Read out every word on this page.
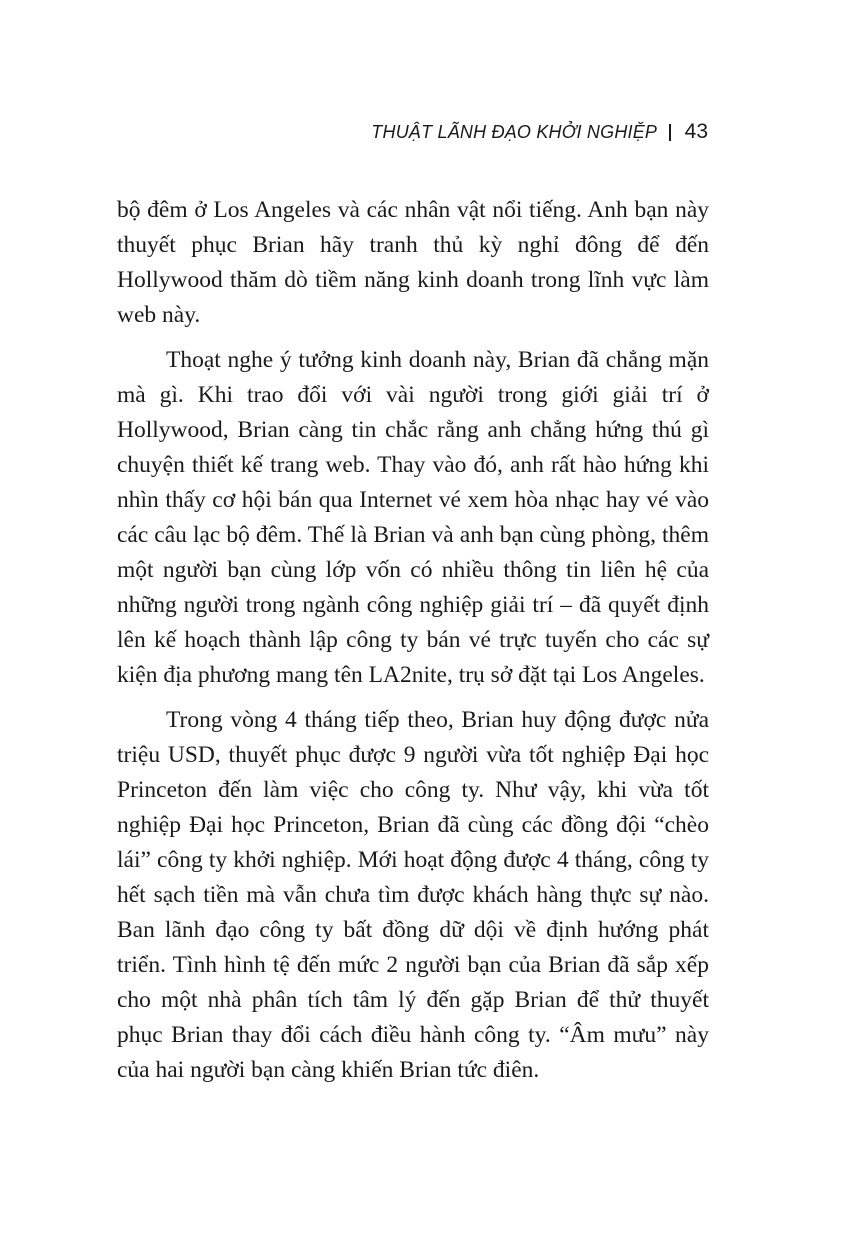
THUẬT LÃNH ĐẠO KHỞI NGHIỆP 43

bộ đêm ở Los Angeles và các nhân vật nổi tiếng. Anh bạn này thuyết phục Brian hãy tranh thủ kỳ nghỉ đông để đến Hollywood thăm dò tiềm năng kinh doanh trong lĩnh vực làm web này.

Thoạt nghe ý tưởng kinh doanh này, Brian đã chẳng mặn mà gì. Khi trao đổi với vài người trong giới giải trí ở Hollywood, Brian càng tin chắc rằng anh chẳng hứng thú gì chuyện thiết kế trang web. Thay vào đó, anh rất hào hứng khi nhìn thấy cơ hội bán qua Internet vé xem hòa nhạc hay vé vào các câu lạc bộ đêm. Thế là Brian và anh bạn cùng phòng, thêm một người bạn cùng lớp vốn có nhiều thông tin liên hệ của những người trong ngành công nghiệp giải trí – đã quyết định lên kế hoạch thành lập công ty bán vé trực tuyến cho các sự kiện địa phương mang tên LA2nite, trụ sở đặt tại Los Angeles.

Trong vòng 4 tháng tiếp theo, Brian huy động được nửa triệu USD, thuyết phục được 9 người vừa tốt nghiệp Đại học Princeton đến làm việc cho công ty. Như vậy, khi vừa tốt nghiệp Đại học Princeton, Brian đã cùng các đồng đội “chèo lái” công ty khởi nghiệp. Mới hoạt động được 4 tháng, công ty hết sạch tiền mà vẫn chưa tìm được khách hàng thực sự nào. Ban lãnh đạo công ty bất đồng dữ dội về định hướng phát triển. Tình hình tệ đến mức 2 người bạn của Brian đã sắp xếp cho một nhà phân tích tâm lý đến gặp Brian để thử thuyết phục Brian thay đổi cách điều hành công ty. “Âm mưu” này của hai người bạn càng khiến Brian tức điên.
